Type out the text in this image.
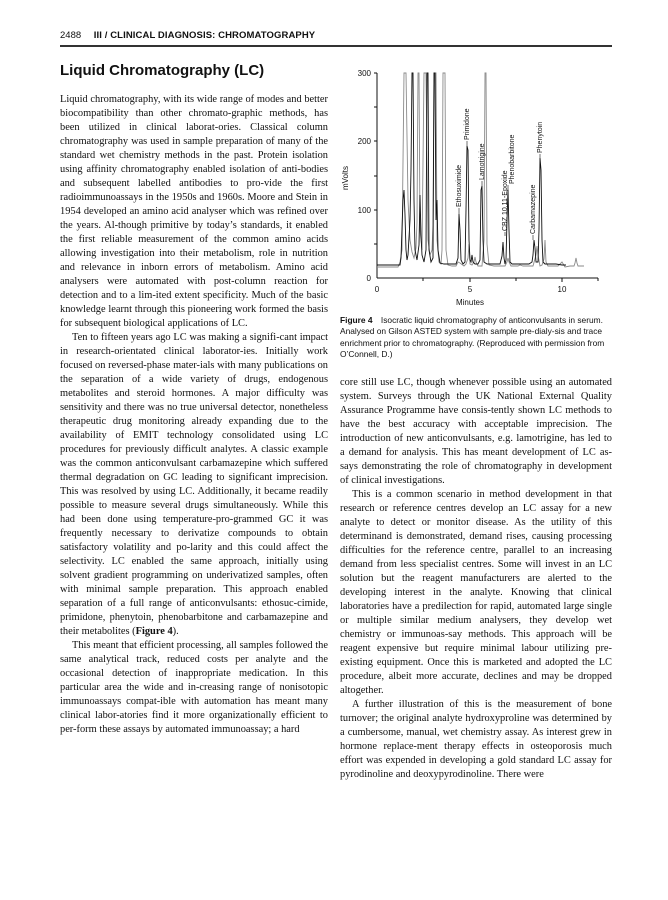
2488 III / CLINICAL DIAGNOSIS: CHROMATOGRAPHY
Liquid Chromatography (LC)

Liquid chromatography, with its wide range of modes and better biocompatibility than other chromato-graphic methods, has been utilized in clinical laborat-ories. Classical column chromatography was used in sample preparation of many of the standard wet chemistry methods in the past. Protein isolation using affinity chromatography enabled isolation of anti-bodies and subsequent labelled antibodies to pro-vide the first radioimmunoassays in the 1950s and 1960s. Moore and Stein in 1954 developed an amino acid analyser which was refined over the years. Al-though primitive by today’s standards, it enabled the first reliable measurement of the common amino acids allowing investigation into their metabolism, role in nutrition and relevance in inborn errors of metabolism. Amino acid analysers were automated with post-column reaction for detection and to a lim-ited extent specificity. Much of the basic knowledge learnt through this pioneering work formed the basis for subsequent biological applications of LC.

Ten to fifteen years ago LC was making a signifi-cant impact in research-orientated clinical laborator-ies. Initially work focused on reversed-phase mater-ials with many publications on the separation of a wide variety of drugs, endogenous metabolites and steroid hormones. A major difficulty was sensitivity and there was no true universal detector, nonetheless therapeutic drug monitoring already expanding due to the availability of EMIT technology consolidated using LC procedures for previously difficult analytes. A classic example was the common anticonvulsant carbamazepine which suffered thermal degradation on GC leading to significant imprecision. This was resolved by using LC. Additionally, it became readily possible to measure several drugs simultaneously. While this had been done using temperature-pro-grammed GC it was frequently necessary to derivatize compounds to obtain satisfactory volatility and po-larity and this could affect the selectivity. LC enabled the same approach, initially using solvent gradient programming on underivatized samples, often with minimal sample preparation. This approach enabled separation of a full range of anticonvulsants: ethosuc-cimide, primidone, phenytoin, phenobarbitone and carbamazepine and their metabolites (Figure 4).

This meant that efficient processing, all samples followed the same analytical track, reduced costs per analyte and the occasional detection of inappropriate medication. In this particular area the wide and in-creasing range of nonisotopic immunoassays compat-ible with automation has meant many clinical labor-atories find it more organizationally efficient to per-form these assays by automated immunoassay; a hard

300
200
100
0
0	5	10
Minutes
mVolts	Ethosuximide
Primidone
Lamotrigine
CBZ 10,11-Epoxide
Phenobarbitone
Carbamazepine
Phenytoin
Figure 4 Isocratic liquid chromatography of anticonvulsants in serum. Analysed on Gilson ASTED system with sample pre-dialy-sis and trace enrichment prior to chromatography. (Reproduced with permission from O’Connell, D.)

core still use LC, though whenever possible using an automated system. Surveys through the UK National External Quality Assurance Programme have consis-tently shown LC methods to have the best accuracy with acceptable imprecision. The introduction of new anticonvulsants, e.g. lamotrigine, has led to a demand for analysis. This has meant development of LC as-says demonstrating the role of chromatography in development of clinical investigations.

This is a common scenario in method development in that research or reference centres develop an LC assay for a new analyte to detect or monitor disease. As the utility of this determinand is demonstrated, demand rises, causing processing difficulties for the reference centre, parallel to an increasing demand from less specialist centres. Some will invest in an LC solution but the reagent manufacturers are alerted to the developing interest in the analyte. Knowing that clinical laboratories have a predilection for rapid, automated large single or multiple similar medium analysers, they develop wet chemistry or immunoas-say methods. This approach will be reagent expensive but require minimal labour utilizing pre-existing equipment. Once this is marketed and adopted the LC procedure, albeit more accurate, declines and may be dropped altogether.

A further illustration of this is the measurement of bone turnover; the original analyte hydroxyproline was determined by a cumbersome, manual, wet chemistry assay. As interest grew in hormone replace-ment therapy effects in osteoporosis much effort was expended in developing a gold standard LC assay for pyrodinoline and deoxypyrodinoline. There were
